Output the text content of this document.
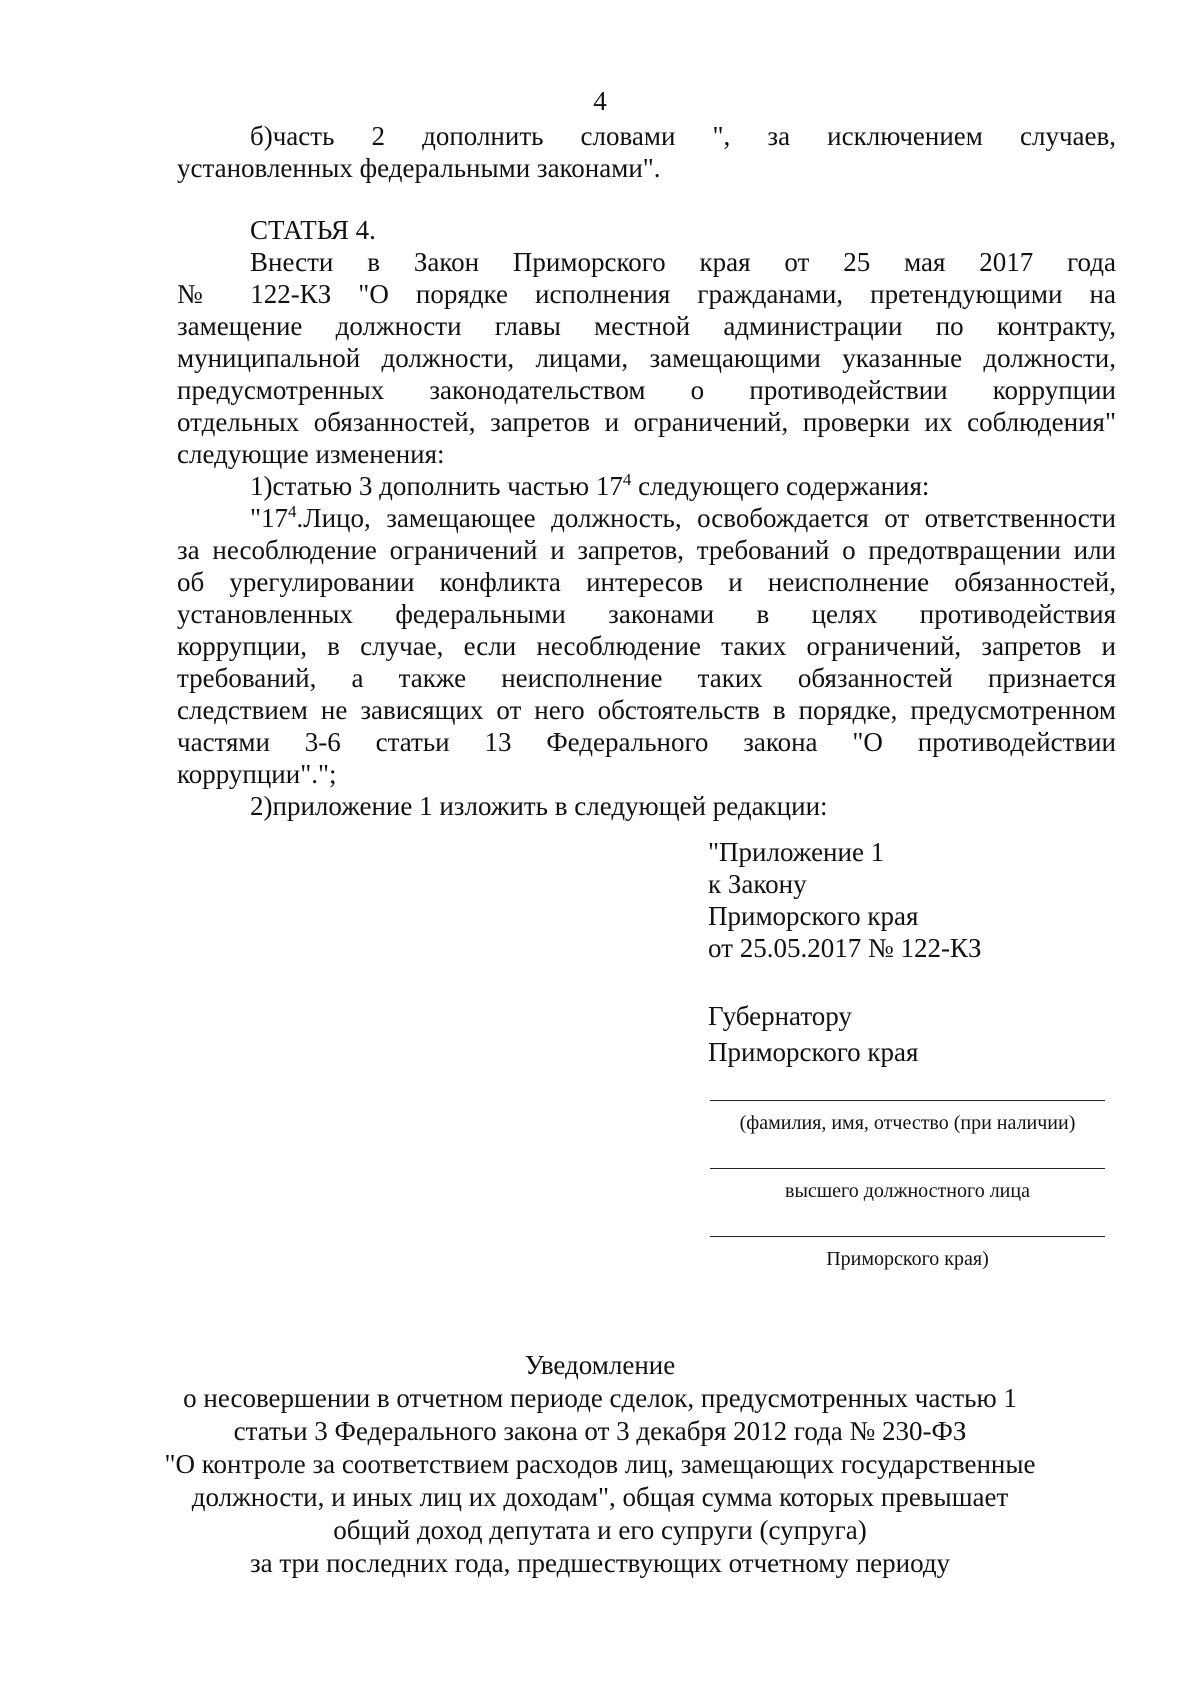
4
б)часть 2 дополнить словами ", за исключением случаев,
установленных федеральными законами".
СТАТЬЯ 4.
Внести в Закон Приморского края от 25 мая 2017 года
№ 122-КЗ "О порядке исполнения гражданами, претендующими на
замещение должности главы местной администрации по контракту,
муниципальной должности, лицами, замещающими указанные должности,
предусмотренных законодательством о противодействии коррупции
отдельных обязанностей, запретов и ограничений, проверки их соблюдения"
следующие изменения:
1)статью 3 дополнить частью $17^4$ следующего содержания:
"$17^4.Лицо$, замещающее должность, освобождается от ответственности
за несоблюдение ограничений и запретов, требований о предотвращении или
об урегулировании конфликта интересов и неисполнение обязанностей,
установленных федеральными законами в целях противодействия
коррупции, в случае, если несоблюдение таких ограничений, запретов и
требований, а также неисполнение таких обязанностей признается
следствием не зависящих от него обстоятельств в порядке, предусмотренном
частями 3-6 статьи 13 Федерального закона "О противодействии
коррупции".";
2)приложение 1 изложить в следующей редакции:
"Приложение 1
к Закону
Приморского края
от 25.05.2017 № 122-КЗ
Губернатору
Приморского края
(фамилия, имя, отчество (при наличии)
высшего должностного лица
Приморского края)
Уведомление
о несовершении в отчетном периоде сделок, предусмотренных частью 1
статьи 3 Федерального закона от 3 декабря 2012 года № 230-ФЗ
"О контроле за соответствием расходов лиц, замещающих государственные
должности, и иных лиц их доходам", общая сумма которых превышает
общий доход депутата и его супруги (супруга)
за три последних года, предшествующих отчетному периоду
